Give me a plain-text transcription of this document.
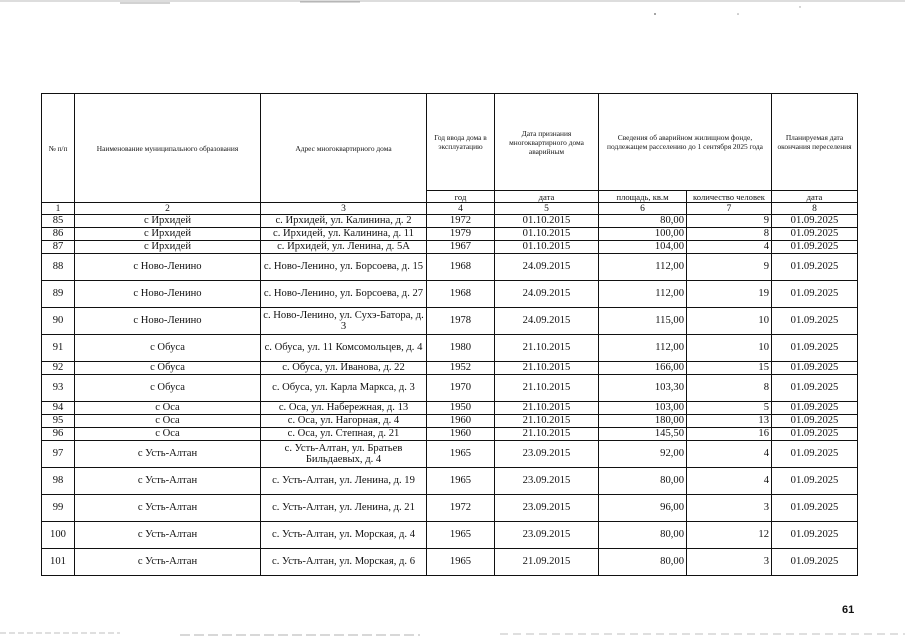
№ п/п	Наименование муниципального образования	Адрес многоквартирного дома	Год ввода дома в эксплуатацию	Дата признания многоквартирного дома аварийным	Сведения об аварийном жилищном фонде, подлежащем расселению до 1 сентября 2025 года		Планируемая дата окончания переселения
			год	дата	площадь, кв.м	количество человек	дата
1	2	3	4	5	6	7	8
85	с Ирхидей	с. Ирхидей, ул. Калинина, д. 2	1972	01.10.2015	80,00	9	01.09.2025
86	с Ирхидей	с. Ирхидей, ул. Калинина, д. 11	1979	01.10.2015	100,00	8	01.09.2025
87	с Ирхидей	с. Ирхидей, ул. Ленина, д. 5А	1967	01.10.2015	104,00	4	01.09.2025
88	с Ново-Ленино	с. Ново-Ленино, ул. Борсоева, д. 15	1968	24.09.2015	112,00	9	01.09.2025
89	с Ново-Ленино	с. Ново-Ленино, ул. Борсоева, д. 27	1968	24.09.2015	112,00	19	01.09.2025
90	с Ново-Ленино	с. Ново-Ленино, ул. Сухэ-Батора, д. 3	1978	24.09.2015	115,00	10	01.09.2025
91	с Обуса	с. Обуса, ул. 11 Комсомольцев, д. 4	1980	21.10.2015	112,00	10	01.09.2025
92	с Обуса	с. Обуса, ул. Иванова, д. 22	1952	21.10.2015	166,00	15	01.09.2025
93	с Обуса	с. Обуса, ул. Карла Маркса, д. 3	1970	21.10.2015	103,30	8	01.09.2025
94	с Оса	с. Оса, ул. Набережная, д. 13	1950	21.10.2015	103,00	5	01.09.2025
95	с Оса	с. Оса, ул. Нагорная, д. 4	1960	21.10.2015	180,00	13	01.09.2025
96	с Оса	с. Оса, ул. Степная, д. 21	1960	21.10.2015	145,50	16	01.09.2025
97	с Усть-Алтан	с. Усть-Алтан, ул. Братьев Бильдаевых, д. 4	1965	23.09.2015	92,00	4	01.09.2025
98	с Усть-Алтан	с. Усть-Алтан, ул. Ленина, д. 19	1965	23.09.2015	80,00	4	01.09.2025
99	с Усть-Алтан	с. Усть-Алтан, ул. Ленина, д. 21	1972	23.09.2015	96,00	3	01.09.2025
100	с Усть-Алтан	с. Усть-Алтан, ул. Морская, д. 4	1965	23.09.2015	80,00	12	01.09.2025
101	с Усть-Алтан	с. Усть-Алтан, ул. Морская, д. 6	1965	21.09.2015	80,00	3	01.09.2025
61
